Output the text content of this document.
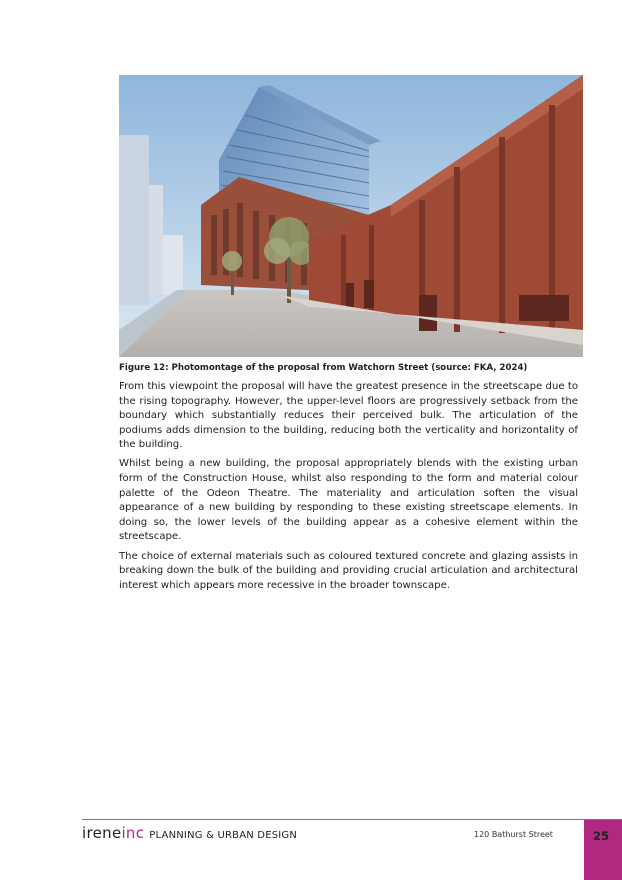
Figure 12: Photomontage of the proposal from Watchorn Street (source: FKA, 2024)

From this viewpoint the proposal will have the greatest presence in the streetscape due to the rising topography. However, the upper-level floors are progressively setback from the boundary which substantially reduces their perceived bulk. The articulation of the podiums adds dimension to the building, reducing both the verticality and horizontality of the building.

Whilst being a new building, the proposal appropriately blends with the existing urban form of the Construction House, whilst also responding to the form and material colour palette of the Odeon Theatre. The materiality and articulation soften the visual appearance of a new building by responding to these existing streetscape elements. In doing so, the lower levels of the building appear as a cohesive element within the streetscape.

The choice of external materials such as coloured textured concrete and glazing assists in breaking down the bulk of the building and providing crucial articulation and architectural interest which appears more recessive in the broader townscape.

ireneinc PLANNING & URBAN DESIGN	120 Bathurst Street	25
